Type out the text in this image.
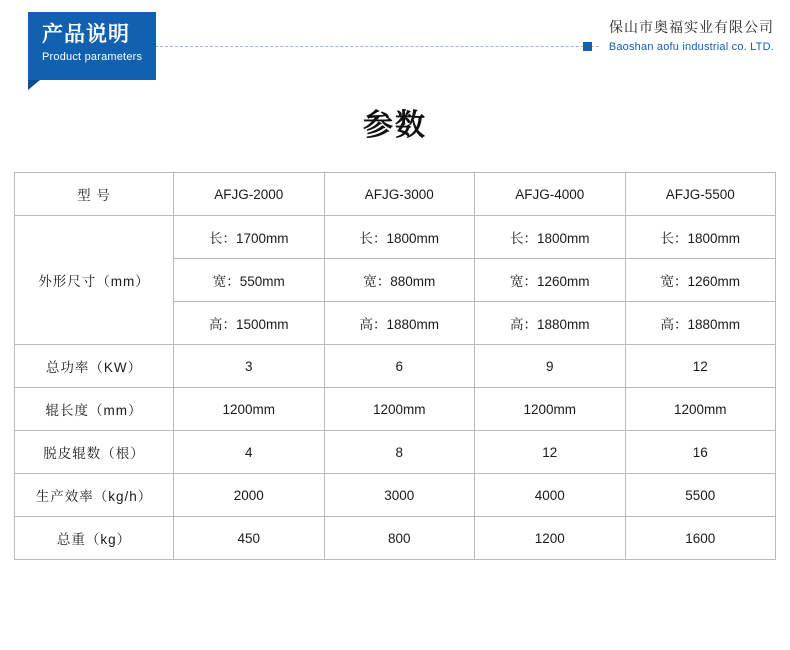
产品说明
Product parameters
保山市奥福实业有限公司
Baoshan aofu industrial co. LTD.
参数
型 号	AFJG-2000	AFJG-3000	AFJG-4000	AFJG-5500
外形尺寸（mm）	长：1700mm	长：1800mm	长：1800mm	长：1800mm
	宽：550mm	宽：880mm	宽：1260mm	宽：1260mm
	高：1500mm	高：1880mm	高：1880mm	高：1880mm
总功率（KW）	3	6	9	12
辊长度（mm）	1200mm	1200mm	1200mm	1200mm
脱皮辊数（根）	4	8	12	16
生产效率（kg/h）	2000	3000	4000	5500
总重（kg）	450	800	1200	1600
